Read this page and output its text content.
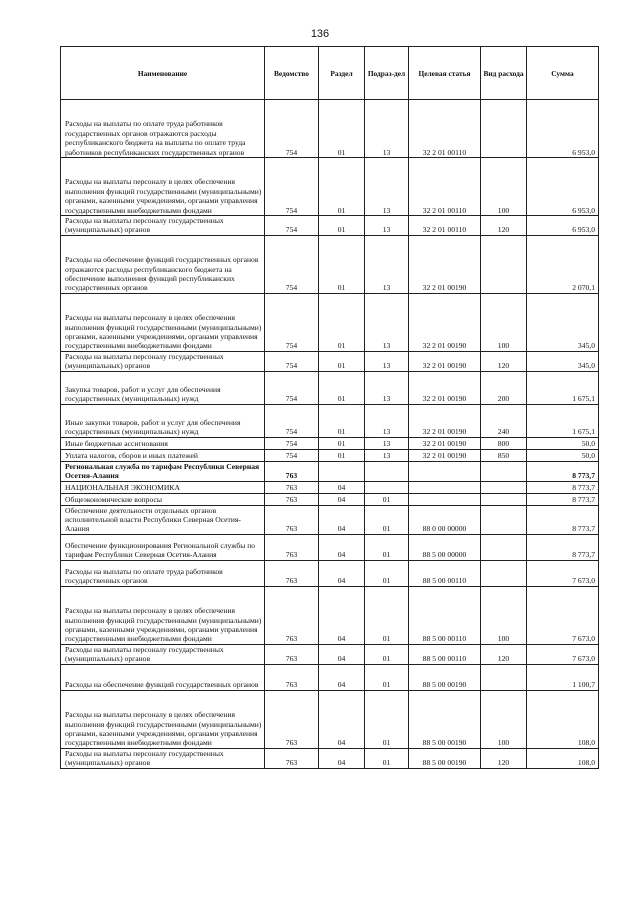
136
Наименование	Ведомство	Раздел	Подраз-дел	Целевая статья	Вид расхода	Сумма
Расходы на выплаты по оплате труда работников государственных органов отражаются расходы республиканского бюджета на выплаты по оплате труда работников республиканских государственных органов	754	01	13	32 2 01 00110		6 953,0
Расходы на выплаты персоналу в целях обеспечения выполнения функций государственными (муниципальными) органами, казенными учреждениями, органами управления государственными внебюджетными фондами	754	01	13	32 2 01 00110	100	6 953,0
Расходы на выплаты персоналу государственных (муниципальных) органов	754	01	13	32 2 01 00110	120	6 953,0
Расходы на обеспечение функций государственных органов отражаются расходы республиканского бюджета на обеспечение выполнения функций республиканских государственных органов	754	01	13	32 2 01 00190		2 070,1
Расходы на выплаты персоналу в целях обеспечения выполнения функций государственными (муниципальными) органами, казенными учреждениями, органами управления государственными внебюджетными фондами	754	01	13	32 2 01 00190	100	345,0
Расходы на выплаты персоналу государственных (муниципальных) органов	754	01	13	32 2 01 00190	120	345,0
Закупка товаров, работ и услуг для обеспечения государственных (муниципальных) нужд	754	01	13	32 2 01 00190	200	1 675,1
Иные закупки товаров, работ и услуг для обеспечения государственных (муниципальных) нужд	754	01	13	32 2 01 00190	240	1 675,1
Иные бюджетные ассигнования	754	01	13	32 2 01 00190	800	50,0
Уплата налогов, сборов и иных платежей	754	01	13	32 2 01 00190	850	50,0
Региональная служба по тарифам Республики Северная Осетия-Алания	763					8 773,7
НАЦИОНАЛЬНАЯ ЭКОНОМИКА	763	04				8 773,7
Общеэкономические вопросы	763	04	01			8 773,7
Обеспечение деятельности отдельных органов исполнительной власти Республики Северная Осетия-Алания	763	04	01	88 0 00 00000		8 773,7
Обеспечение функционирования Региональной службы по тарифам Республики Северная Осетия-Алания	763	04	01	88 5 00 00000		8 773,7
Расходы на выплаты по оплате труда работников государственных органов	763	04	01	88 5 00 00110		7 673,0
Расходы на выплаты персоналу в целях обеспечения выполнения функций государственными (муниципальными) органами, казенными учреждениями, органами управления государственными внебюджетными фондами	763	04	01	88 5 00 00110	100	7 673,0
Расходы на выплаты персоналу государственных (муниципальных) органов	763	04	01	88 5 00 00110	120	7 673,0
Расходы на обеспечение функций государственных органов	763	04	01	88 5 00 00190		1 100,7
Расходы на выплаты персоналу в целях обеспечения выполнения функций государственными (муниципальными) органами, казенными учреждениями, органами управления государственными внебюджетными фондами	763	04	01	88 5 00 00190	100	108,0
Расходы на выплаты персоналу государственных (муниципальных) органов	763	04	01	88 5 00 00190	120	108,0
